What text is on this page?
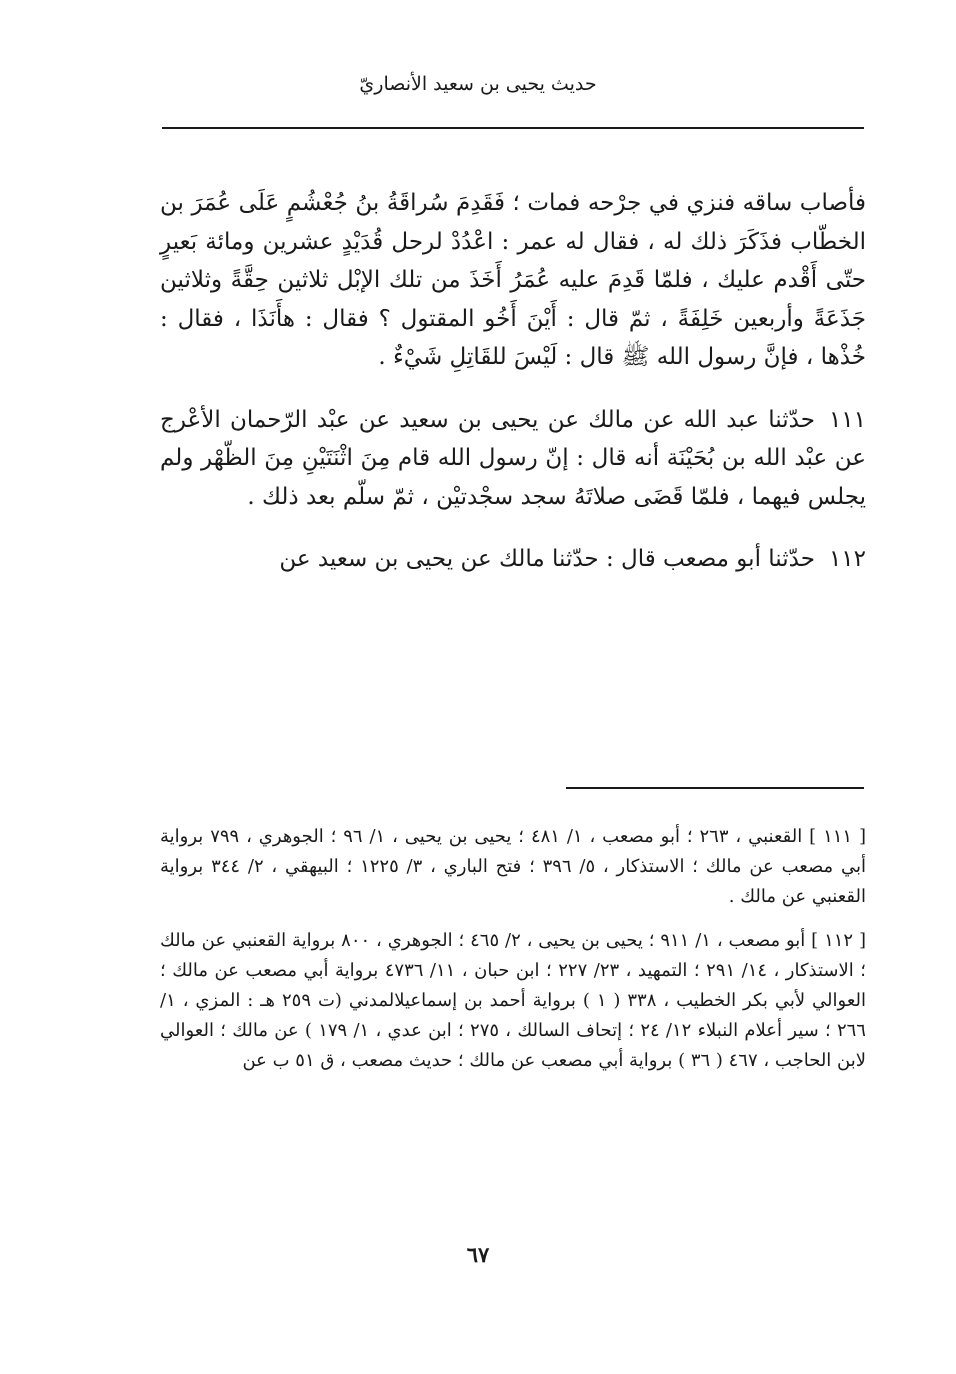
حديث يحيى بن سعيد الأنصاريّ

فأصاب ساقه فنزي في جرْحه فمات ؛ فَقَدِمَ سُراقَةُ بنُ جُعْشُمٍ عَلَى عُمَرَ بن الخطّاب فذَكَرَ ذلك له ، فقال له عمر : اعْدُدْ لرحل قُدَيْدٍ عشرين ومائة بَعيرٍ حتّى أَقْدم عليك ، فلمّا قَدِمَ عليه عُمَرُ أَخَذَ من تلك الإبْل ثلاثين حِقَّةً وثلاثين جَذَعَةً وأربعين خَلِفَةً ، ثمّ قال : أَيْنَ أَخُو المقتول ؟ فقال : هأَنَذَا ، فقال : خُذْها ، فإنَّ رسول الله ﷺ قال : لَيْسَ للقَاتِلِ شَيْءٌ .

١١١حدّثنا عبد الله عن مالك عن يحيى بن سعيد عن عبْد الرّحمان الأعْرج عن عبْد الله بن بُحَيْنَة أنه قال : إنّ رسول الله قام مِنَ اثْنَتَيْنِ مِنَ الظّهْر ولم يجلس فيهما ، فلمّا قَضَى صلاتَهُ سجد سجْدتيْن ، ثمّ سلّم بعد ذلك .

١١٢حدّثنا أبو مصعب قال : حدّثنا مالك عن يحيى بن سعيد عن

[ ١١١ ] القعنبي ، ٢٦٣ ؛ أبو مصعب ، ١/ ٤٨١ ؛ يحيى بن يحيى ، ١/ ٩٦ ؛ الجوهري ، ٧٩٩ برواية أبي مصعب عن مالك ؛ الاستذكار ، ٥/ ٣٩٦ ؛ فتح الباري ، ٣/ ١٢٢٥ ؛ البيهقي ، ٢/ ٣٤٤ برواية القعنبي عن مالك .

[ ١١٢ ] أبو مصعب ، ١/ ٩١١ ؛ يحيى بن يحيى ، ٢/ ٤٦٥ ؛ الجوهري ، ٨٠٠ برواية القعنبي عن مالك ؛ الاستذكار ، ١٤/ ٢٩١ ؛ التمهيد ، ٢٣/ ٢٢٧ ؛ ابن حبان ، ١١/ ٤٧٣٦ برواية أبي مصعب عن مالك ؛ العوالي لأبي بكر الخطيب ، ٣٣٨ ( ١ ) برواية أحمد بن إسماعيلالمدني (ت ٢٥٩ هـ : المزي ، ١/ ٢٦٦ ؛ سير أعلام النبلاء ١٢/ ٢٤ ؛ إتحاف السالك ، ٢٧٥ ؛ ابن عدي ، ١/ ١٧٩ ) عن مالك ؛ العوالي لابن الحاجب ، ٤٦٧ ( ٣٦ ) برواية أبي مصعب عن مالك ؛ حديث مصعب ، ق ٥١ ب عن

٦٧
